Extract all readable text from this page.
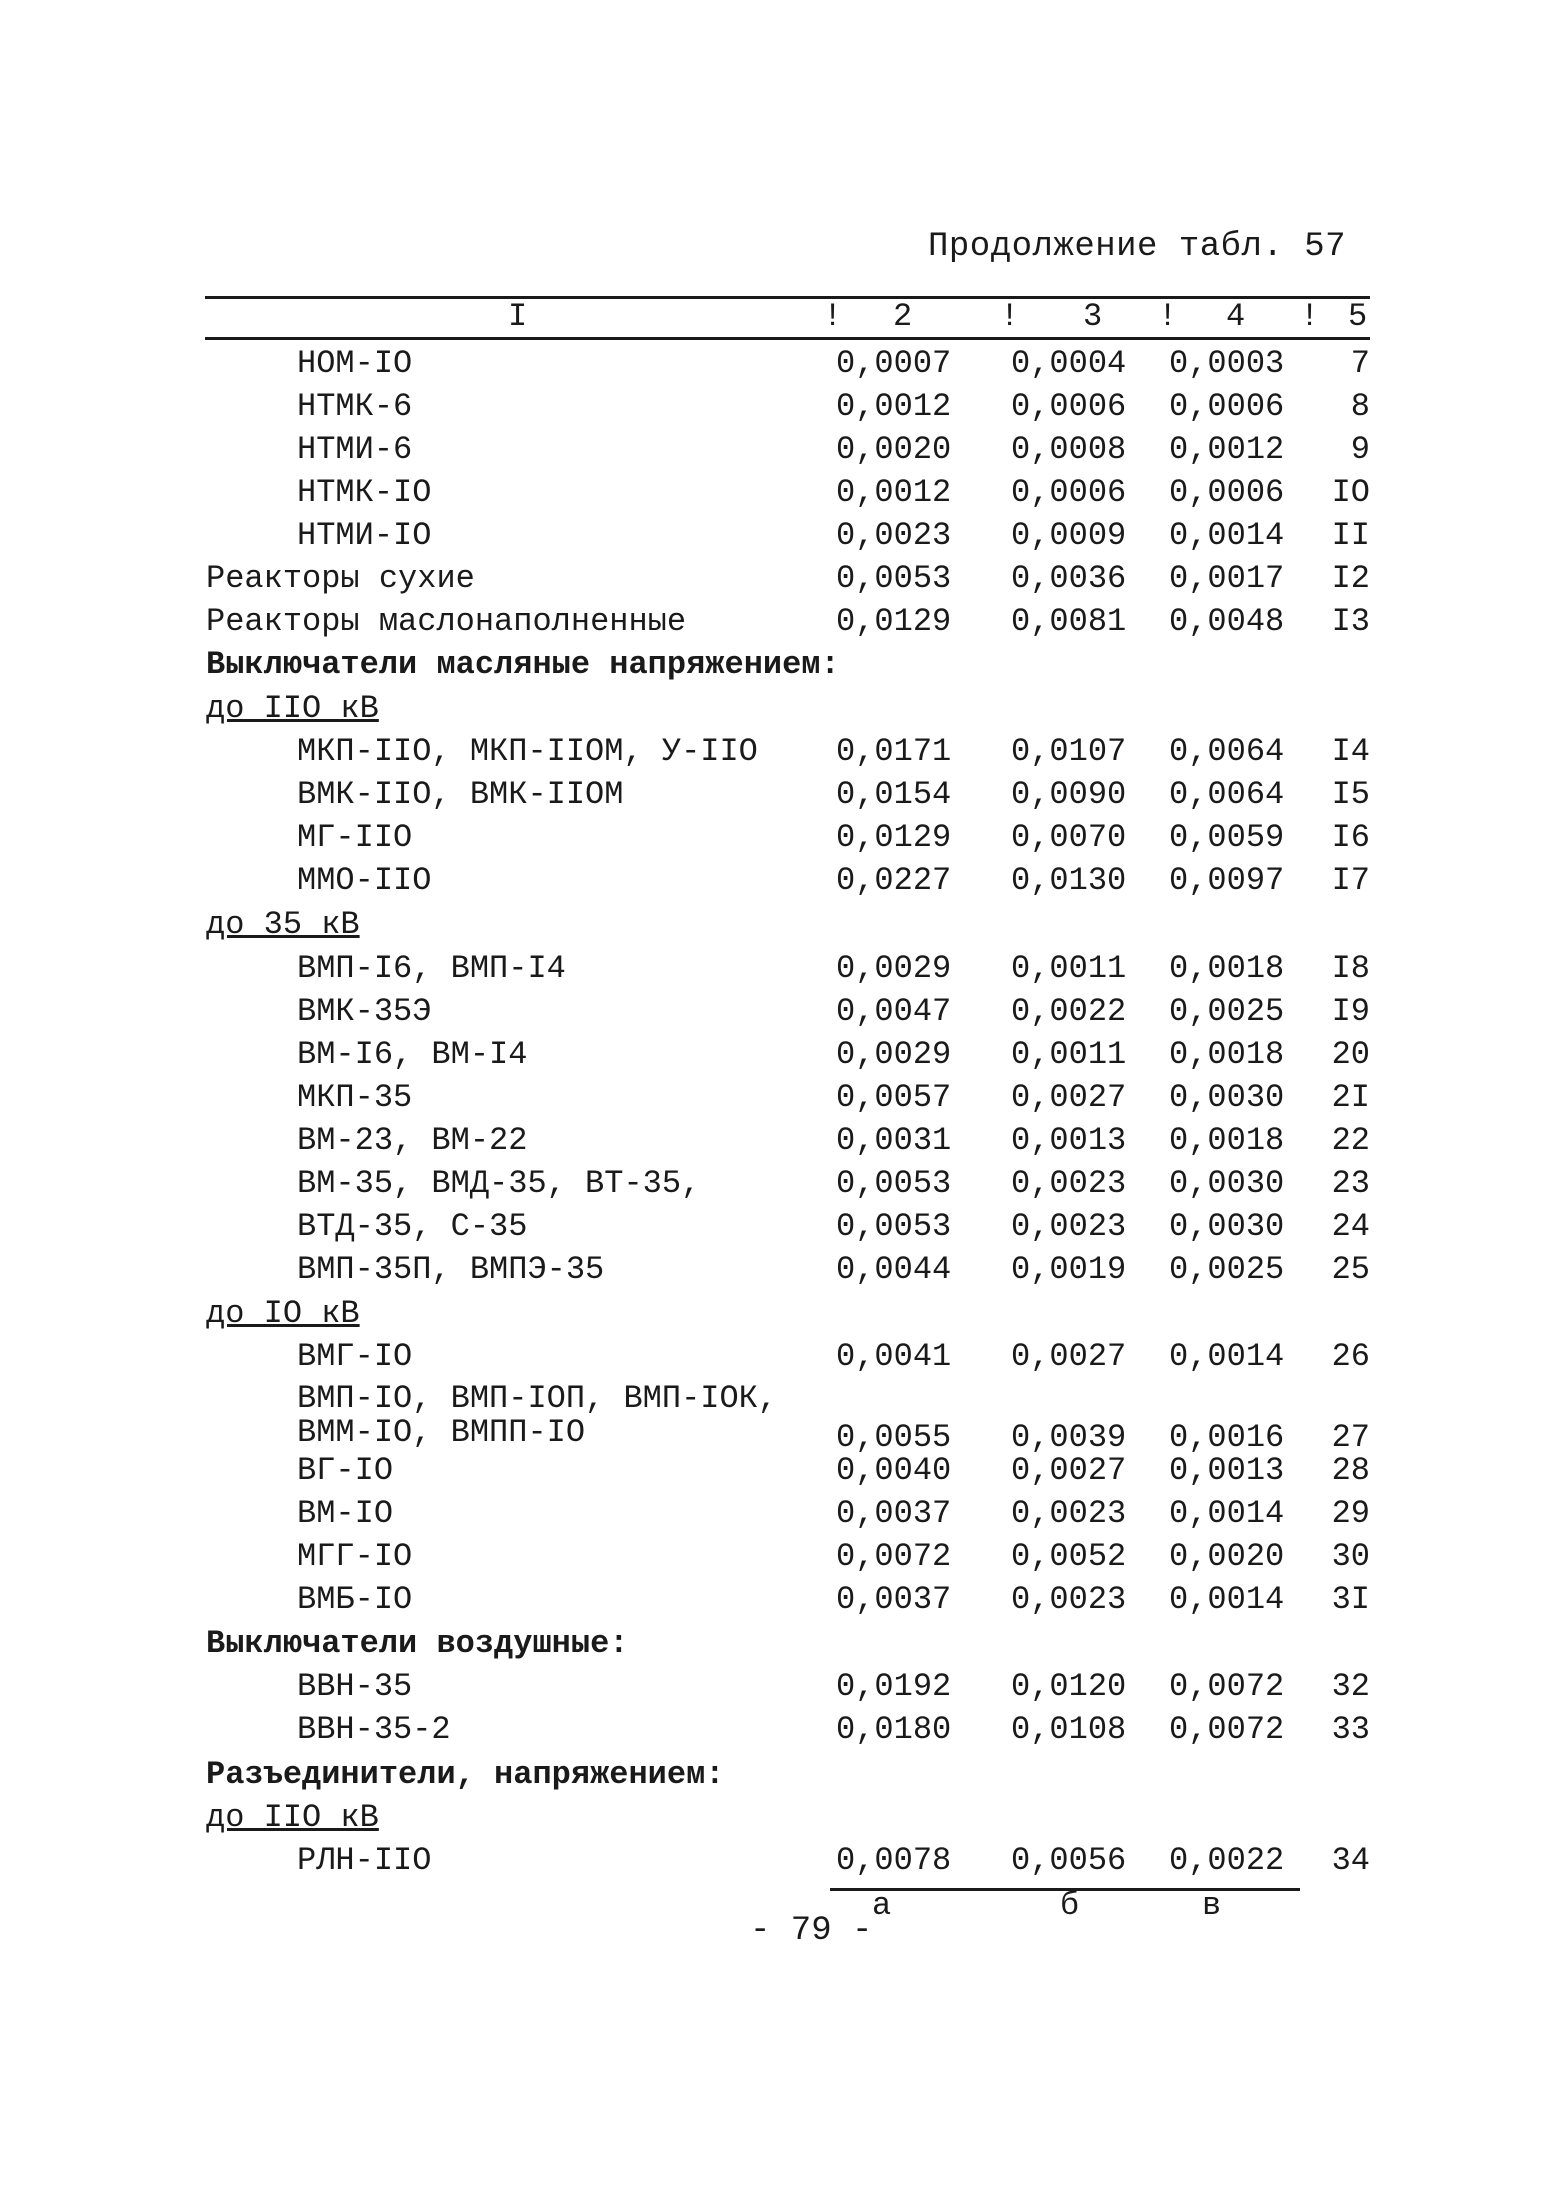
Продолжение табл. 57
I	! 2	! 3 ! 4 ! 5
НОМ-IO	0,0007 0,0004 0,0003 7
НТМК-6	0,0012 0,0006 0,0006 8
НТМИ-6	0,0020 0,0008 0,0012 9
НТМК-IO	0,0012 0,0006 0,0006 IO
НТМИ-IO	0,0023 0,0009 0,0014 II
Реакторы сухие	0,0053 0,0036 0,0017 I2
Реакторы маслонаполненные	0,0129 0,0081 0,0048 I3
Выключатели масляные напряжением:
до IIO кВ
МКП-IIO, МКП-IIOМ, У-IIO 0,0171 0,0107 0,0064 I4
ВМК-IIO, ВМК-IIOМ	0,0154 0,0090 0,0064 I5
МГ-IIO	0,0129 0,0070 0,0059 I6
ММО-IIO	0,0227 0,0130 0,0097 I7
до 35 кВ
ВМП-I6, ВМП-I4	0,0029 0,0011 0,0018 I8
ВМК-35Э	0,0047 0,0022 0,0025 I9
ВМ-I6, ВМ-I4	0,0029 0,0011 0,0018 20
МКП-35	0,0057 0,0027 0,0030 2I
ВМ-23, ВМ-22	0,0031 0,0013 0,0018 22
ВМ-35, ВМД-35, ВТ-35,	0,0053 0,0023 0,0030 23
ВТД-35, С-35	0,0053 0,0023 0,0030 24
ВМП-35П, ВМПЭ-35	0,0044 0,0019 0,0025 25
до IO кВ
ВМГ-IO	0,0041 0,0027 0,0014 26
ВМП-IO, ВМП-IOП, ВМП-IOК,
ВММ-IO, ВМПП-IO	0,0055 0,0039 0,0016 27
ВГ-IO	0,0040 0,0027 0,0013 28
ВМ-IO	0,0037 0,0023 0,0014 29
МГГ-IO	0,0072 0,0052 0,0020 30
ВМБ-IO	0,0037 0,0023 0,0014 3I
Выключатели воздушные:
ВВН-35	0,0192 0,0120 0,0072 32
ВВН-35-2	0,0180 0,0108 0,0072 33
Разъединители, напряжением:
до IIO кВ
РЛН-IIO	0,0078 0,0056 0,0022 34
а	б	в
- 79 -
